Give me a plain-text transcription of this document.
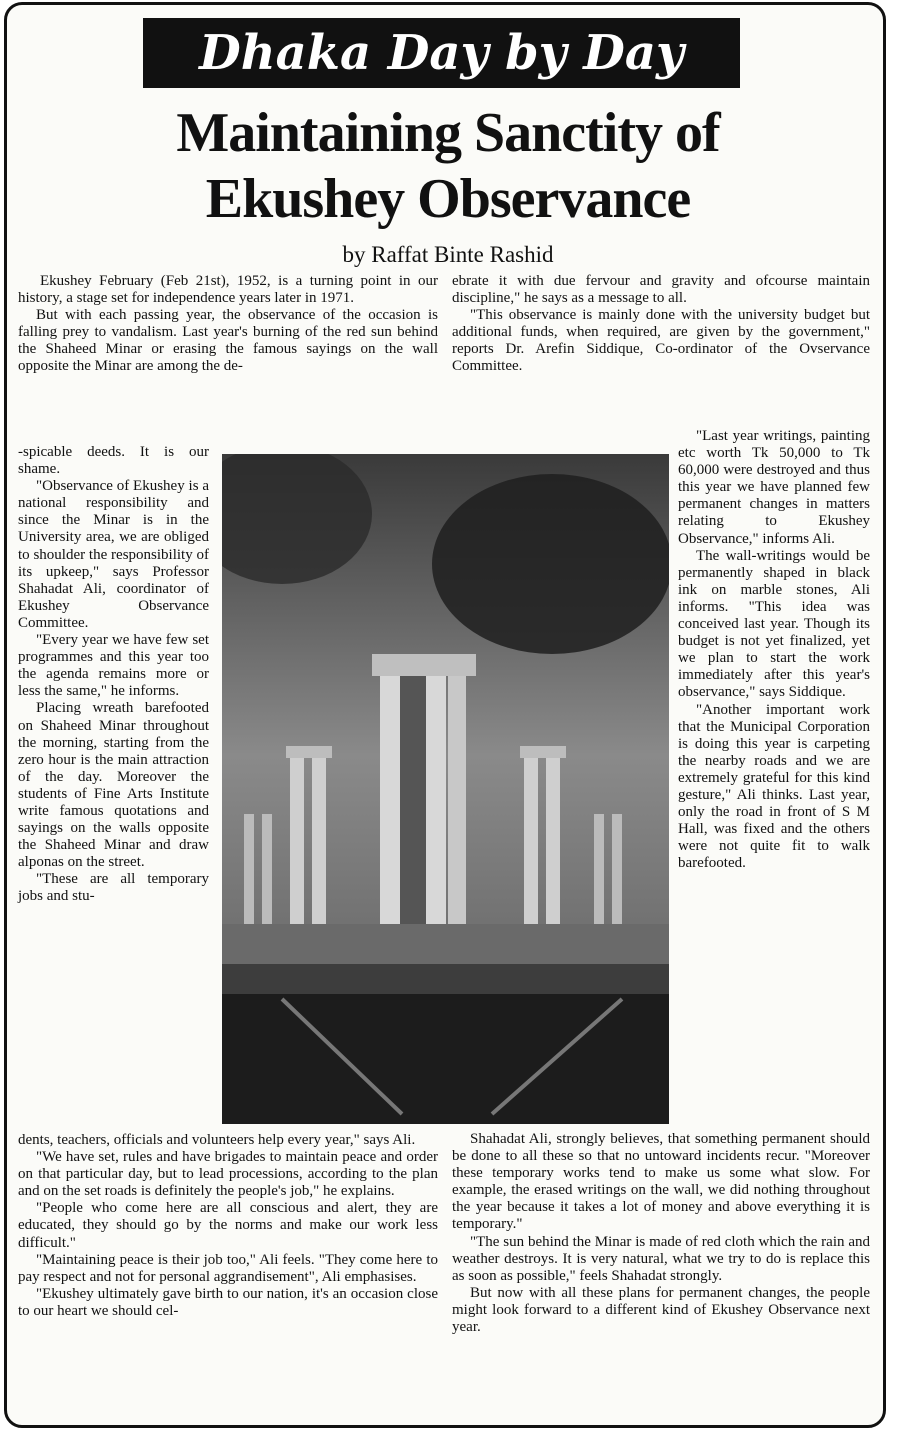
Dhaka Day by Day
Maintaining Sanctity of
Ekushey Observance
by Raffat Binte Rashid

Ekushey February (Feb 21st), 1952, is a turning point in our history, a stage set for independence years later in 1971.

But with each passing year, the observance of the occasion is falling prey to vandalism. Last year's burning of the red sun behind the Shaheed Minar or erasing the famous sayings on the wall opposite the Minar are among the de-

-spicable deeds. It is our shame.

"Observance of Ekushey is a national responsibility and since the Minar is in the University area, we are obliged to shoulder the responsibility of its upkeep," says Professor Shahadat Ali, coordinator of Ekushey Observance Committee.

"Every year we have few set programmes and this year too the agenda remains more or less the same," he informs.

Placing wreath barefooted on Shaheed Minar throughout the morning, starting from the zero hour is the main attraction of the day. Moreover the students of Fine Arts Institute write famous quotations and sayings on the walls opposite the Shaheed Minar and draw alponas on the street.

"These are all temporary jobs and stu-

dents, teachers, officials and volunteers help every year," says Ali.

"We have set, rules and have brigades to maintain peace and order on that particular day, but to lead processions, according to the plan and on the set roads is definitely the people's job," he explains.

"People who come here are all conscious and alert, they are educated, they should go by the norms and make our work less difficult."

"Maintaining peace is their job too," Ali feels. "They come here to pay respect and not for personal aggrandisement", Ali emphasises.

"Ekushey ultimately gave birth to our nation, it's an occasion close to our heart we should cel-

ebrate it with due fervour and gravity and ofcourse maintain discipline," he says as a message to all.

"This observance is mainly done with the university budget but additional funds, when required, are given by the government," reports Dr. Arefin Siddique, Co-ordinator of the Ovservance Committee.

"Last year writings, painting etc worth Tk 50,000 to Tk 60,000 were destroyed and thus this year we have planned few permanent changes in matters relating to Ekushey Observance," informs Ali.

The wall-writings would be permanently shaped in black ink on marble stones, Ali informs. "This idea was conceived last year. Though its budget is not yet finalized, yet we plan to start the work immediately after this year's observance," says Siddique.

"Another important work that the Municipal Corporation is doing this year is carpeting the nearby roads and we are extremely grateful for this kind gesture," Ali thinks. Last year, only the road in front of S M Hall, was fixed and the others were not quite fit to walk barefooted.

Shahadat Ali, strongly believes, that something permanent should be done to all these so that no untoward incidents recur. "Moreover these temporary works tend to make us some what slow. For example, the erased writings on the wall, we did nothing throughout the year because it takes a lot of money and above everything it is temporary."

"The sun behind the Minar is made of red cloth which the rain and weather destroys. It is very natural, what we try to do is replace this as soon as possible," feels Shahadat strongly.

But now with all these plans for permanent changes, the people might look forward to a different kind of Ekushey Observance next year.
